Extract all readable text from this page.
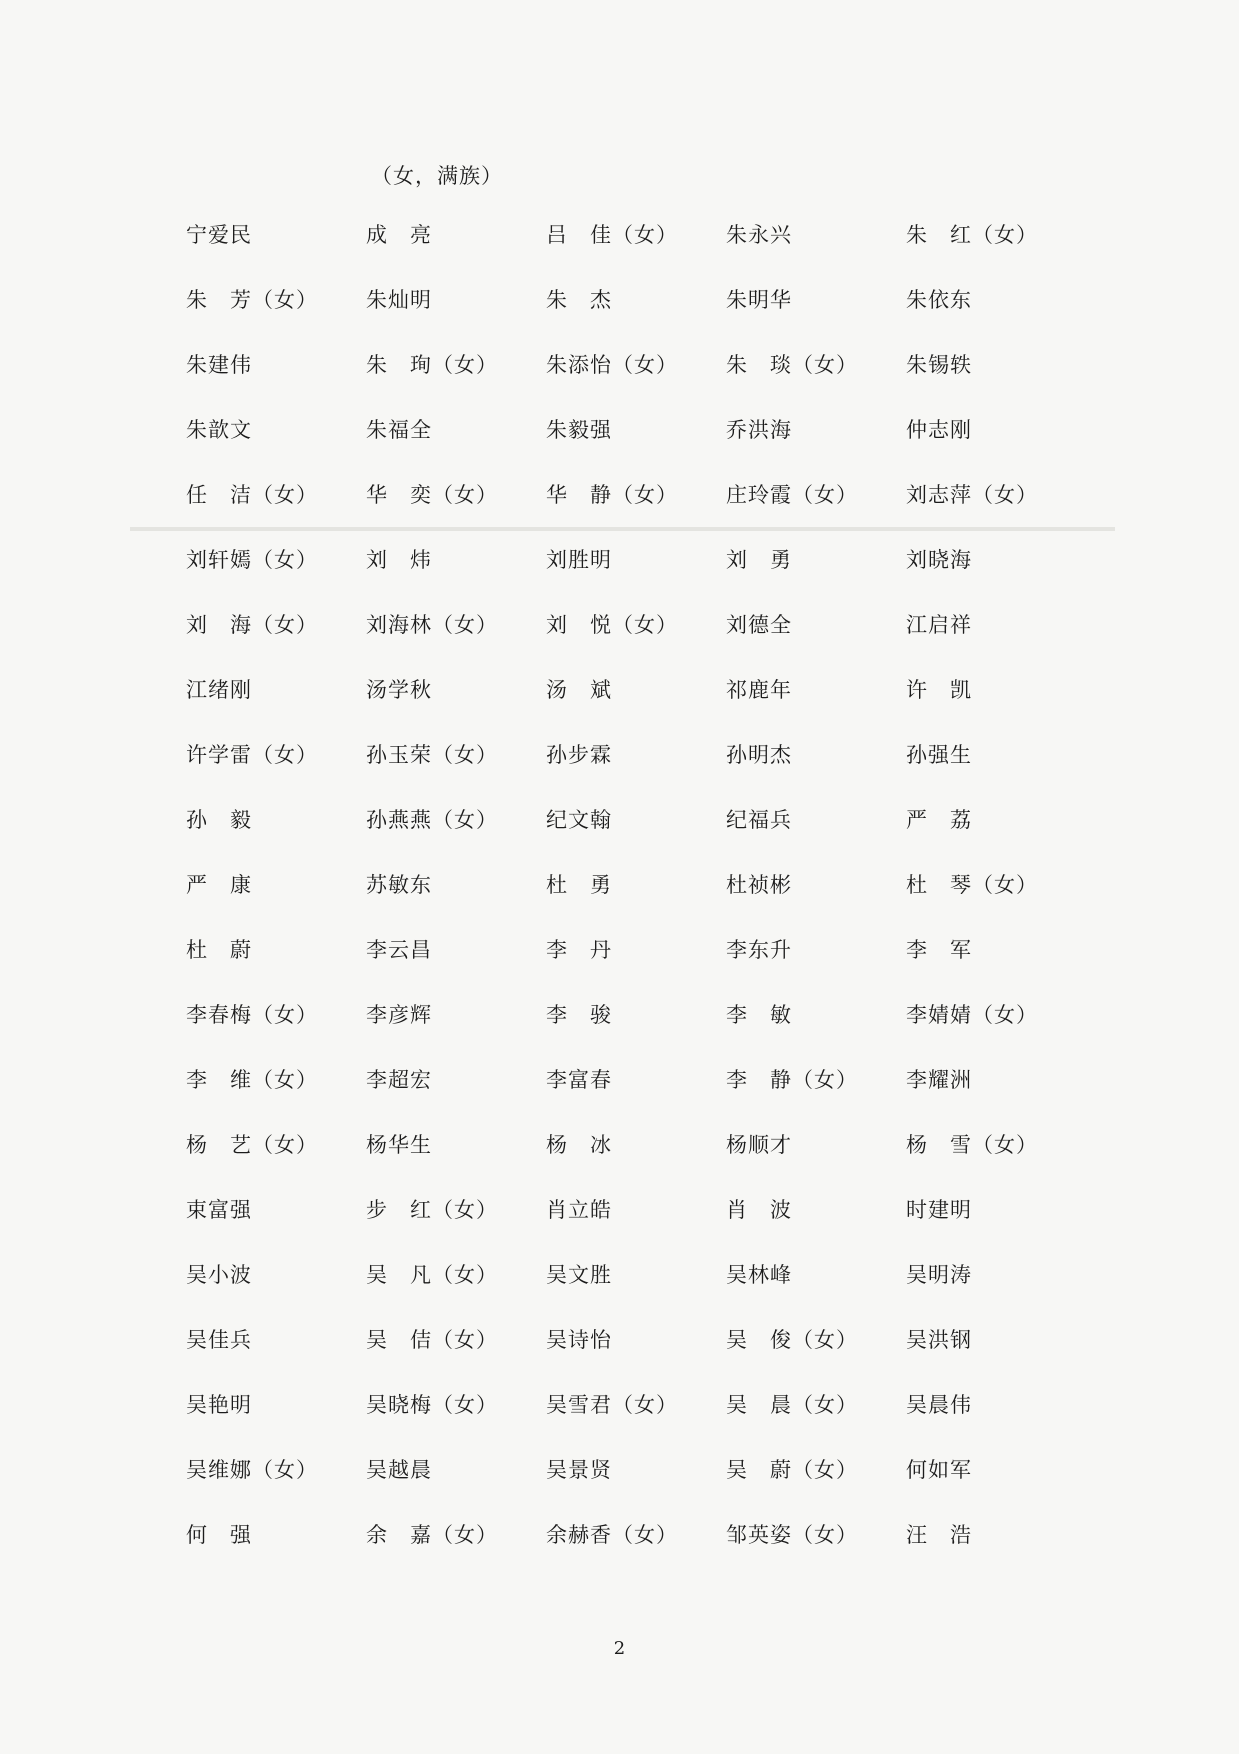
（女，满族）
宁爱民	成　亮	吕　佳（女）	朱永兴	朱　红（女）
朱　芳（女）	朱灿明	朱　杰	朱明华	朱依东
朱建伟	朱　珣（女）	朱添怡（女）	朱　琰（女）	朱锡轶
朱歆文	朱福全	朱毅强	乔洪海	仲志刚
任　洁（女）	华　奕（女）	华　静（女）	庄玲霞（女）	刘志萍（女）
刘轩嫣（女）	刘　炜	刘胜明	刘　勇	刘晓海
刘　海（女）	刘海林（女）	刘　悦（女）	刘德全	江启祥
江绪刚	汤学秋	汤　斌	祁鹿年	许　凯
许学雷（女）	孙玉荣（女）	孙步霖	孙明杰	孙强生
孙　毅	孙燕燕（女）	纪文翰	纪福兵	严　荔
严　康	苏敏东	杜　勇	杜祯彬	杜　琴（女）
杜　蔚	李云昌	李　丹	李东升	李　军
李春梅（女）	李彦辉	李　骏	李　敏	李婧婧（女）
李　维（女）	李超宏	李富春	李　静（女）	李耀洲
杨　艺（女）	杨华生	杨　冰	杨顺才	杨　雪（女）
束富强	步　红（女）	肖立皓	肖　波	时建明
吴小波	吴　凡（女）	吴文胜	吴林峰	吴明涛
吴佳兵	吴　佶（女）	吴诗怡	吴　俊（女）	吴洪钢
吴艳明	吴晓梅（女）	吴雪君（女）	吴　晨（女）	吴晨伟
吴维娜（女）	吴越晨	吴景贤	吴　蔚（女）	何如军
何　强	余　嘉（女）	余赫香（女）	邹英姿（女）	汪　浩
2
